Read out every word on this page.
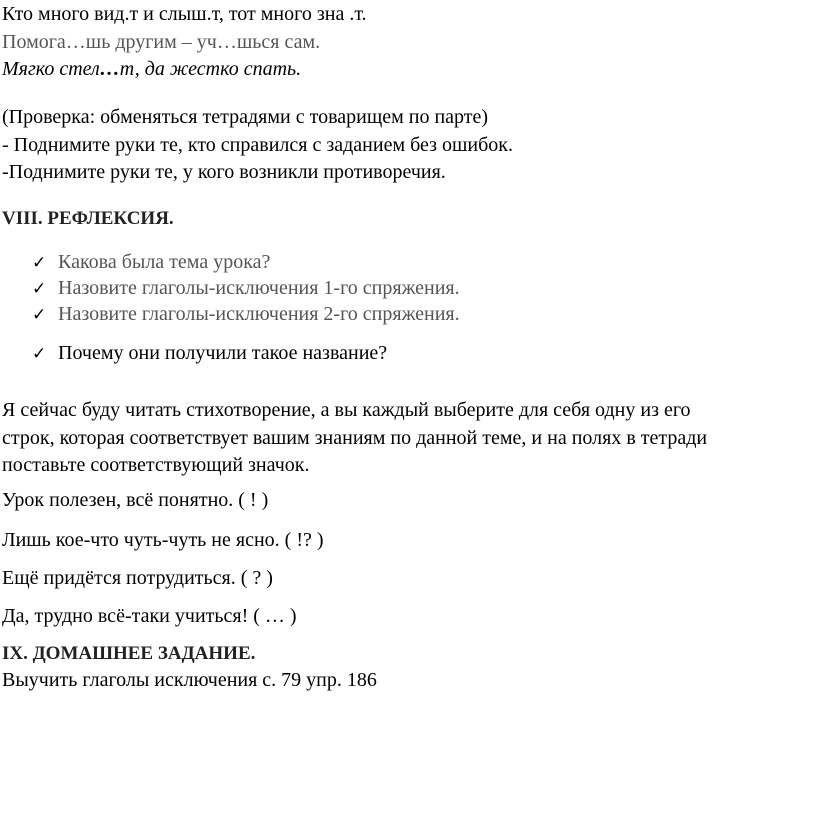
Кто много вид.т и слыш.т, тот много зна .т.
Помога…шь другим – уч…шься сам.
Мягко стел…т, да жестко спать.
(Проверка: обменяться тетрадями с товарищем по парте)
- Поднимите руки те, кто справился с заданием без ошибок.
-Поднимите руки те, у кого возникли противоречия.
VIII. РЕФЛЕКСИЯ.
✓ Какова была тема урока?
✓ Назовите глаголы-исключения 1-го спряжения.
✓ Назовите глаголы-исключения 2-го спряжения.
✓ Почему они получили такое название?
Я сейчас буду читать стихотворение, а вы каждый выберите для себя одну из его
строк, которая соответствует вашим знаниям по данной теме, и на полях в тетради
поставьте соответствующий значок.
Урок полезен, всё понятно. ( ! )
Лишь кое-что чуть-чуть не ясно. ( !? )
Ещё придётся потрудиться. ( ? )
Да, трудно всё-таки учиться! ( … )
IX. ДОМАШНЕЕ ЗАДАНИЕ.
Выучить глаголы исключения с. 79 упр. 186
